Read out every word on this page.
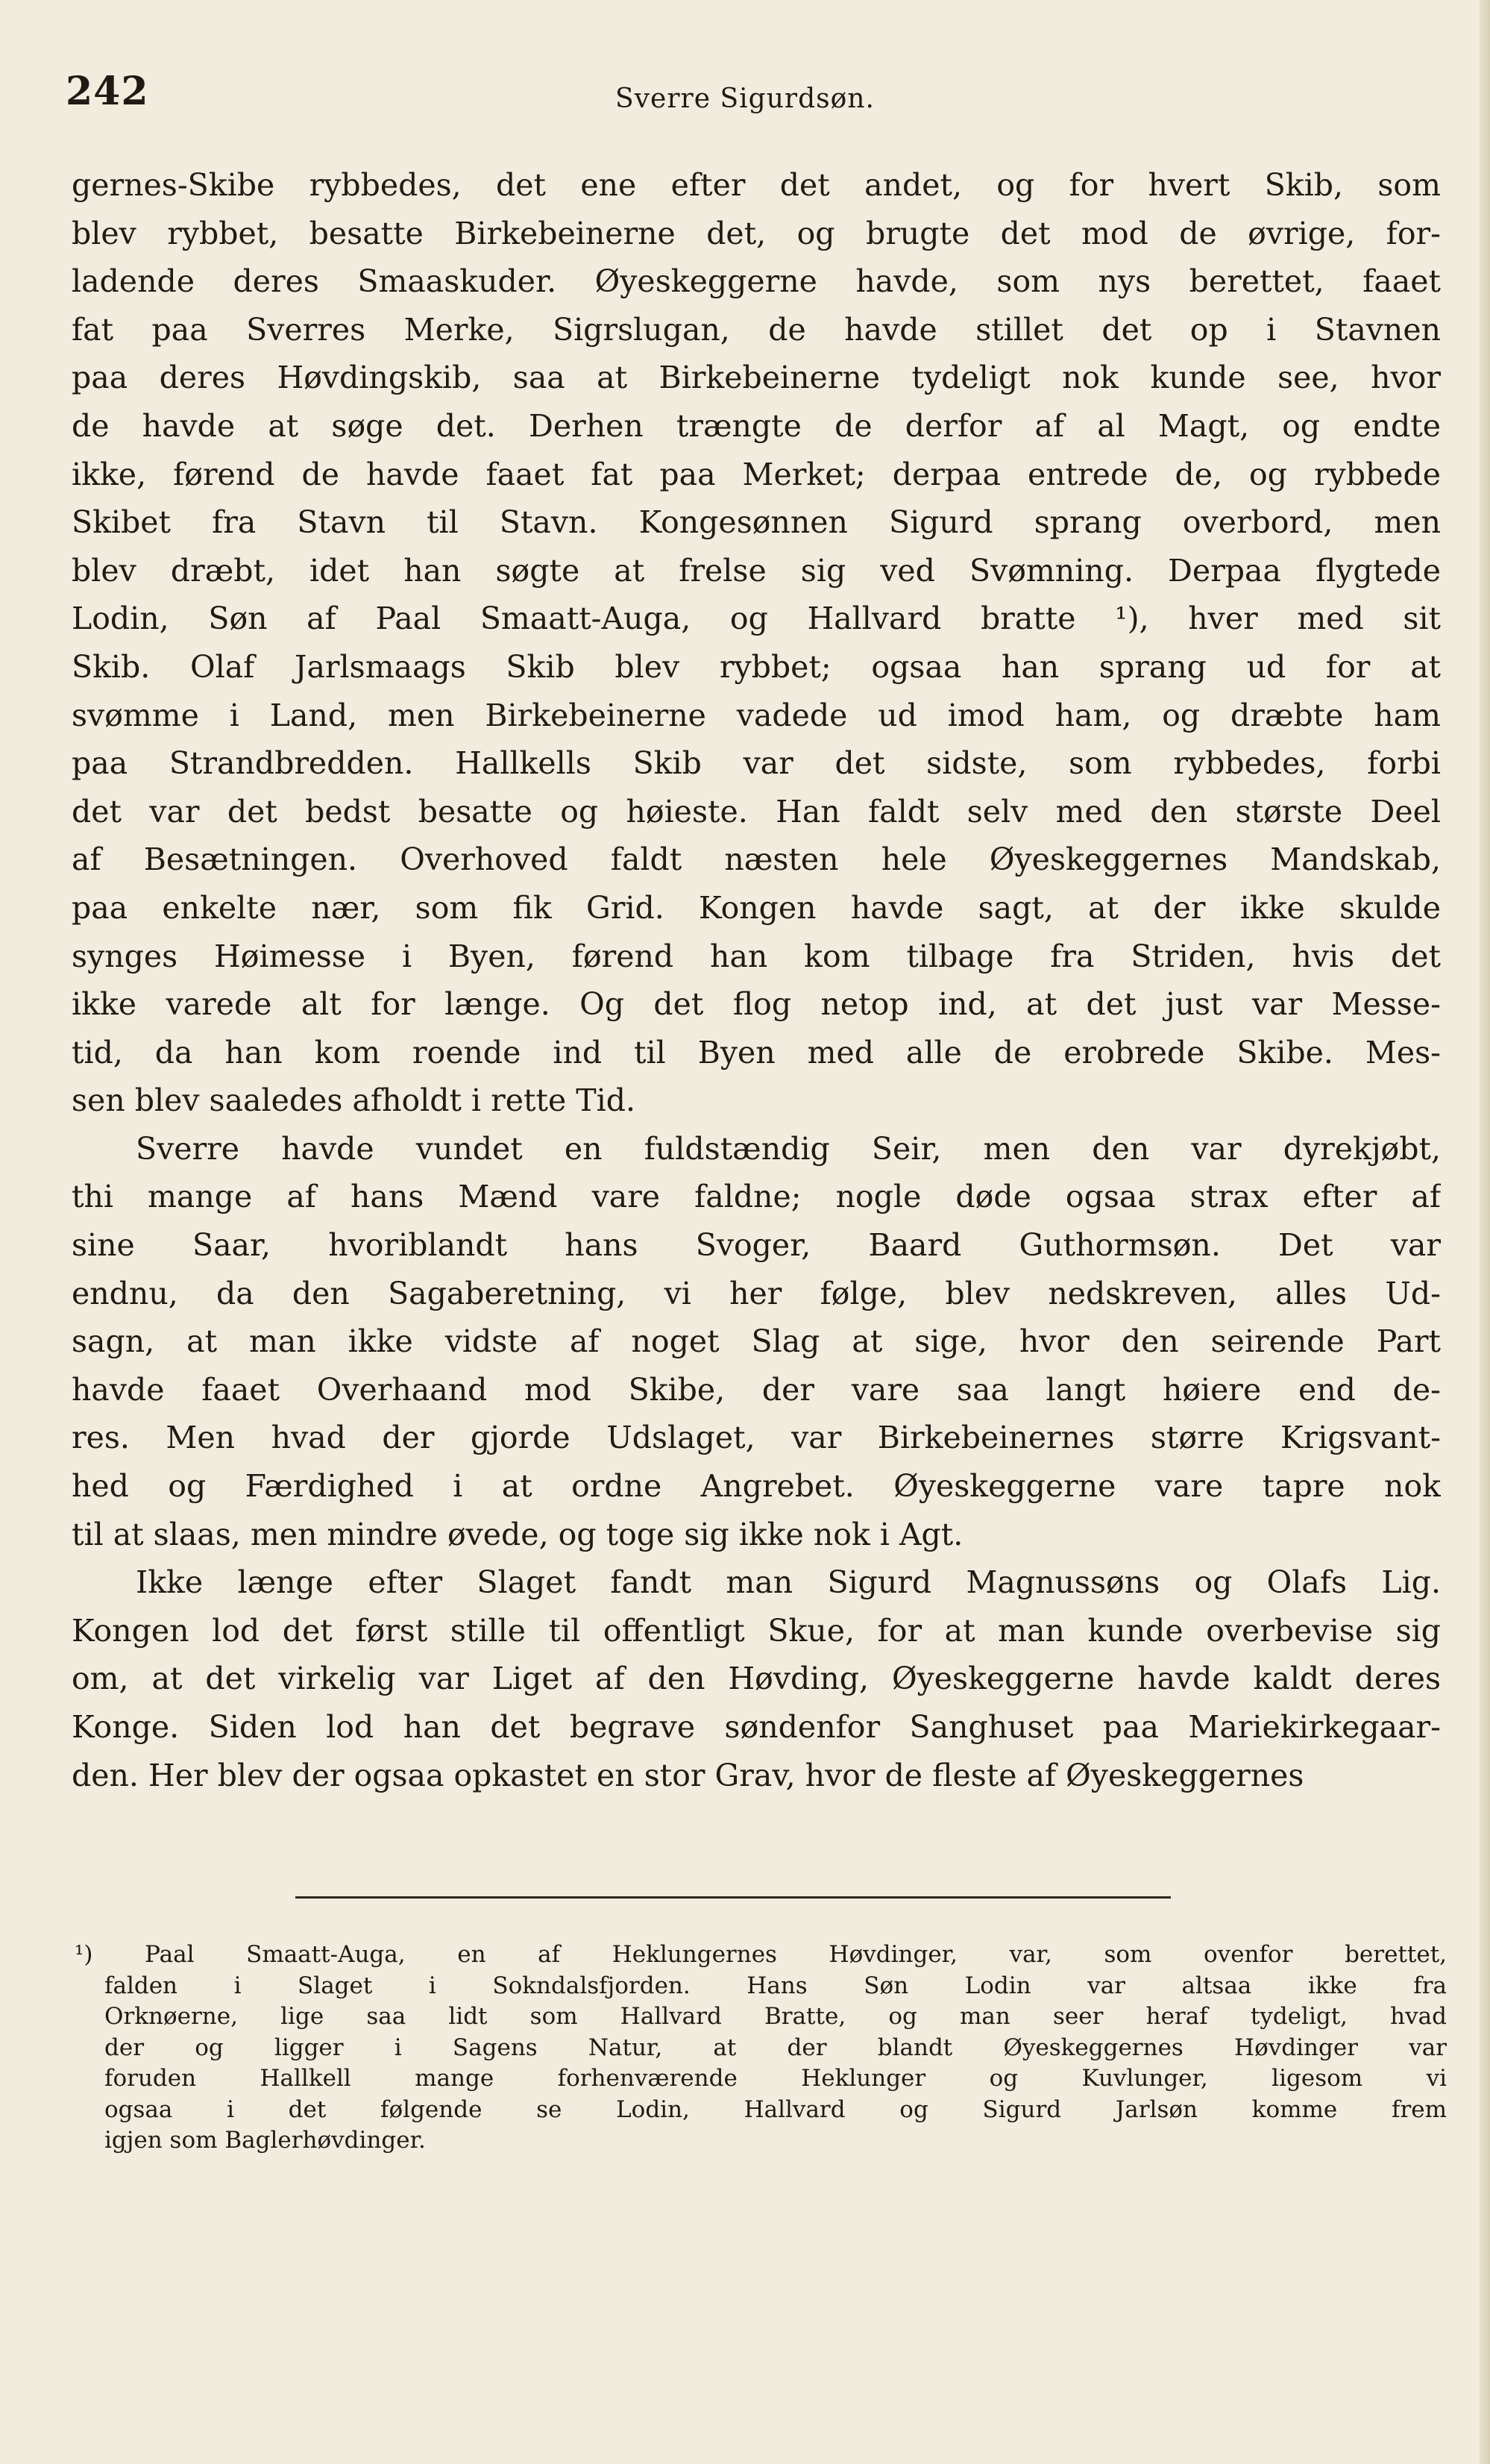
242	Sverre Sigurdsøn.
gernes-Skibe rybbedes, det ene efter det andet, og for hvert Skib, som
blev rybbet, besatte Birkebeinerne det, og brugte det mod de øvrige, for-
ladende deres Smaaskuder. Øyeskeggerne havde, som nys berettet, faaet
fat paa Sverres Merke, Sigrslugan, de havde stillet det op i Stavnen
paa deres Høvdingskib, saa at Birkebeinerne tydeligt nok kunde see, hvor
de havde at søge det. Derhen trængte de derfor af al Magt, og endte
ikke, førend de havde faaet fat paa Merket; derpaa entrede de, og rybbede
Skibet fra Stavn til Stavn. Kongesønnen Sigurd sprang overbord, men
blev dræbt, idet han søgte at frelse sig ved Svømning. Derpaa flygtede
Lodin, Søn af Paal Smaatt-Auga, og Hallvard bratte ¹), hver med sit
Skib. Olaf Jarlsmaags Skib blev rybbet; ogsaa han sprang ud for at
svømme i Land, men Birkebeinerne vadede ud imod ham, og dræbte ham
paa Strandbredden. Hallkells Skib var det sidste, som rybbedes, forbi
det var det bedst besatte og høieste. Han faldt selv med den største Deel
af Besætningen. Overhoved faldt næsten hele Øyeskeggernes Mandskab,
paa enkelte nær, som fik Grid. Kongen havde sagt, at der ikke skulde
synges Høimessе i Byen, førend han kom tilbage fra Striden, hvis det
ikke varede alt for længe. Og det flog netop ind, at det just var Messe-
tid, da han kom roende ind til Byen med alle de erobrede Skibe. Mes-
sen blev saaledes afholdt i rette Tid.
Sverre havde vundet en fuldstændig Seir, men den var dyrekjøbt,
thi mange af hans Mænd vare faldne; nogle døde ogsaa strax efter af
sine Saar, hvoriblandt hans Svoger, Baard Guthormsøn. Det var
endnu, da den Sagaberetning, vi her følge, blev nedskreven, alles Ud-
sagn, at man ikke vidste af noget Slag at sige, hvor den seirende Part
havde faaet Overhaand mod Skibe, der vare saa langt høiere end de-
res. Men hvad der gjorde Udslaget, var Birkebeinernes større Krigsvant-
hed og Færdighed i at ordne Angrebet. Øyeskeggerne vare tapre nok
til at slaas, men mindre øvede, og toge sig ikke nok i Agt.
Ikke længe efter Slaget fandt man Sigurd Magnussøns og Olafs Lig.
Kongen lod det først stille til offentligt Skue, for at man kunde overbevise sig
om, at det virkelig var Liget af den Høvding, Øyeskeggerne havde kaldt deres
Konge. Siden lod han det begrave søndenfor Sanghuset paa Mariekirkegaar-
den. Her blev der ogsaa opkastet en stor Grav, hvor de fleste af Øyeskeggernes
¹) Paal Smaatt-Auga, en af Heklungernes Høvdinger, var, som ovenfor berettet,
falden i Slaget i Sokndalsfjorden. Hans Søn Lodin var altsaa ikke fra
Orknøerne, lige saa lidt som Hallvard Bratte, og man seer heraf tydeligt, hvad
der og ligger i Sagens Natur, at der blandt Øyeskeggernes Høvdinger var
foruden Hallkell mange forhenværende Heklunger og Kuvlunger, ligesom vi
ogsaa i det følgende se Lodin, Hallvard og Sigurd Jarlsøn komme frem
igjen som Baglerhøvdinger.
